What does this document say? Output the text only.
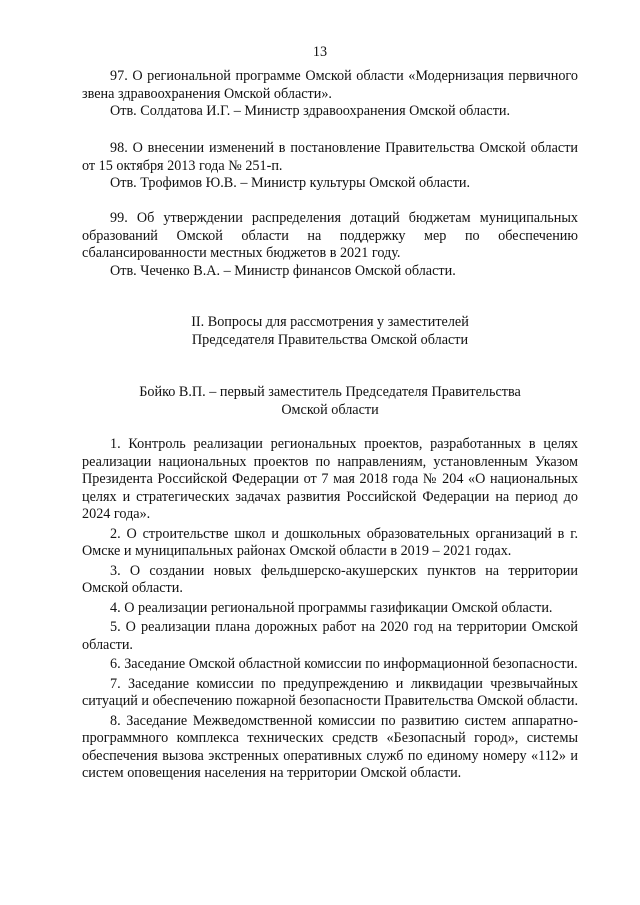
13

97. О региональной программе Омской области «Модернизация первичного звена здравоохранения Омской области».

Отв. Солдатова И.Г. – Министр здравоохранения Омской области.

98. О внесении изменений в постановление Правительства Омской области от 15 октября 2013 года № 251-п.

Отв. Трофимов Ю.В. – Министр культуры Омской области.

99. Об утверждении распределения дотаций бюджетам муниципальных образований Омской области на поддержку мер по обеспечению сбалансированности местных бюджетов в 2021 году.

Отв. Чеченко В.А. – Министр финансов Омской области.

II. Вопросы для рассмотрения у заместителей
Председателя Правительства Омской области
Бойко В.П. – первый заместитель Председателя Правительства
Омской области

1. Контроль реализации региональных проектов, разработанных в целях реализации национальных проектов по направлениям, установленным Указом Президента Российской Федерации от 7 мая 2018 года № 204 «О национальных целях и стратегических задачах развития Российской Федерации на период до 2024 года».

2. О строительстве школ и дошкольных образовательных организаций в г. Омске и муниципальных районах Омской области в 2019 – 2021 годах.

3. О создании новых фельдшерско-акушерских пунктов на территории Омской области.

4. О реализации региональной программы газификации Омской области.

5. О реализации плана дорожных работ на 2020 год на территории Омской области.

6. Заседание Омской областной комиссии по информационной безопасности.

7. Заседание комиссии по предупреждению и ликвидации чрезвычайных ситуаций и обеспечению пожарной безопасности Правительства Омской области.

8. Заседание Межведомственной комиссии по развитию систем аппаратно-программного комплекса технических средств «Безопасный город», системы обеспечения вызова экстренных оперативных служб по единому номеру «112» и систем оповещения населения на территории Омской области.
